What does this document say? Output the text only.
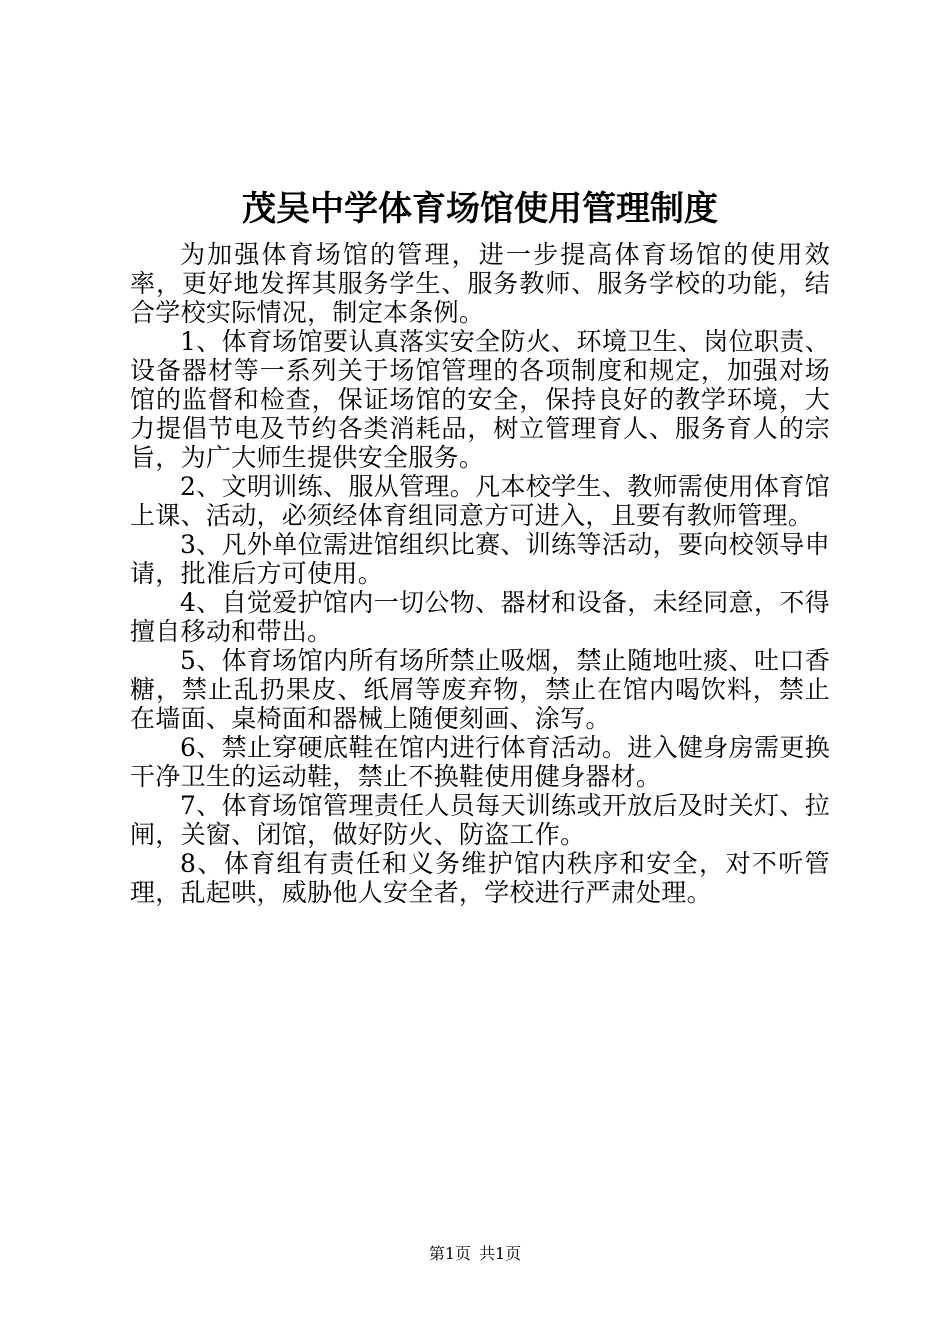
茂吴中学体育场馆使用管理制度

为加强体育场馆的管理，进一步提高体育场馆的使用效率，更好地发挥其服务学生、服务教师、服务学校的功能，结合学校实际情况，制定本条例。

1、体育场馆要认真落实安全防火、环境卫生、岗位职责、设备器材等一系列关于场馆管理的各项制度和规定，加强对场馆的监督和检查，保证场馆的安全，保持良好的教学环境，大力提倡节电及节约各类消耗品，树立管理育人、服务育人的宗旨，为广大师生提供安全服务。

2、文明训练、服从管理。凡本校学生、教师需使用体育馆上课、活动，必须经体育组同意方可进入，且要有教师管理。

3、凡外单位需进馆组织比赛、训练等活动，要向校领导申请，批准后方可使用。

4、自觉爱护馆内一切公物、器材和设备，未经同意，不得擅自移动和带出。

5、体育场馆内所有场所禁止吸烟，禁止随地吐痰、吐口香糖，禁止乱扔果皮、纸屑等废弃物，禁止在馆内喝饮料，禁止在墙面、桌椅面和器械上随便刻画、涂写。

6、禁止穿硬底鞋在馆内进行体育活动。进入健身房需更换干净卫生的运动鞋，禁止不换鞋使用健身器材。

7、体育场馆管理责任人员每天训练或开放后及时关灯、拉闸，关窗、闭馆，做好防火、防盗工作。

8、体育组有责任和义务维护馆内秩序和安全，对不听管理，乱起哄，威胁他人安全者，学校进行严肃处理。

第1页 共1页
